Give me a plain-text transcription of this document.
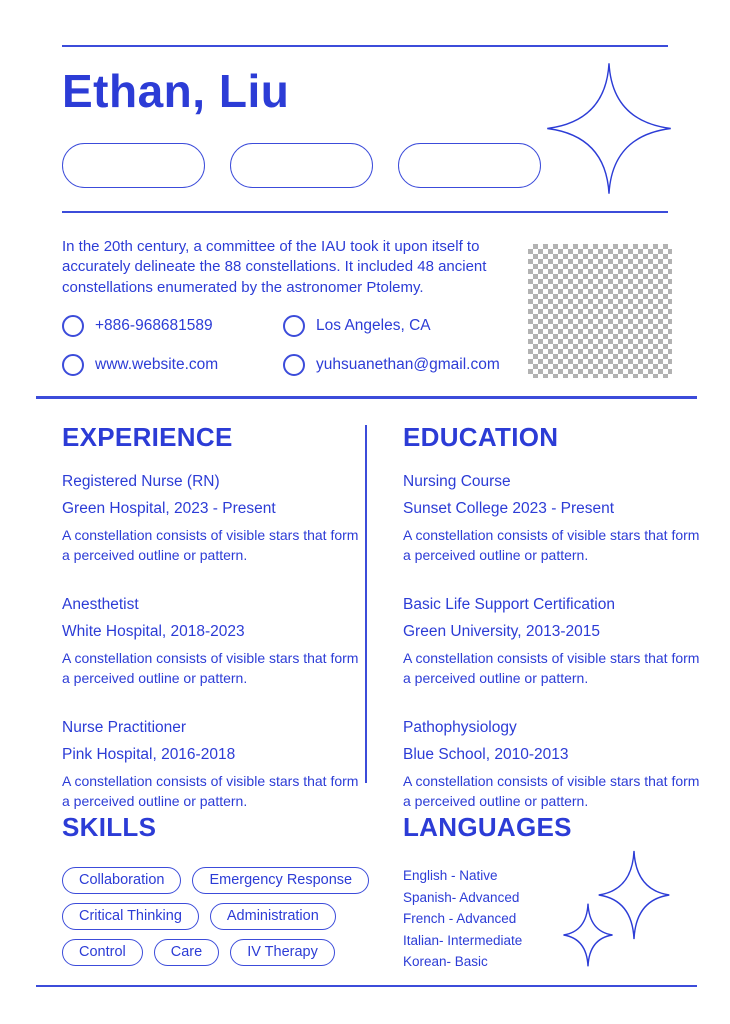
Ethan, Liu
In the 20th century, a committee of the IAU took it upon itself to accurately delineate the 88 constellations. It included 48 ancient constellations enumerated by the astronomer Ptolemy.
+886-968681589	Los Angeles, CA
www.website.com	yuhsuanethan@gmail.com
EXPERIENCE
Registered Nurse (RN)
Green Hospital, 2023 - Present
A constellation consists of visible stars that form a perceived outline or pattern.
Anesthetist
White Hospital, 2018-2023
A constellation consists of visible stars that form a perceived outline or pattern.
Nurse Practitioner
Pink Hospital, 2016-2018
A constellation consists of visible stars that form a perceived outline or pattern.
EDUCATION
Nursing Course
Sunset College 2023 - Present
A constellation consists of visible stars that form a perceived outline or pattern.
Basic Life Support Certification
Green University, 2013-2015
A constellation consists of visible stars that form a perceived outline or pattern.
Pathophysiology
Blue School, 2010-2013
A constellation consists of visible stars that form a perceived outline or pattern.
SKILLS
Collaboration	Emergency Response
Critical Thinking	Administration
Control	Care	IV Therapy
LANGUAGES
English - Native
Spanish- Advanced
French - Advanced
Italian- Intermediate
Korean- Basic
